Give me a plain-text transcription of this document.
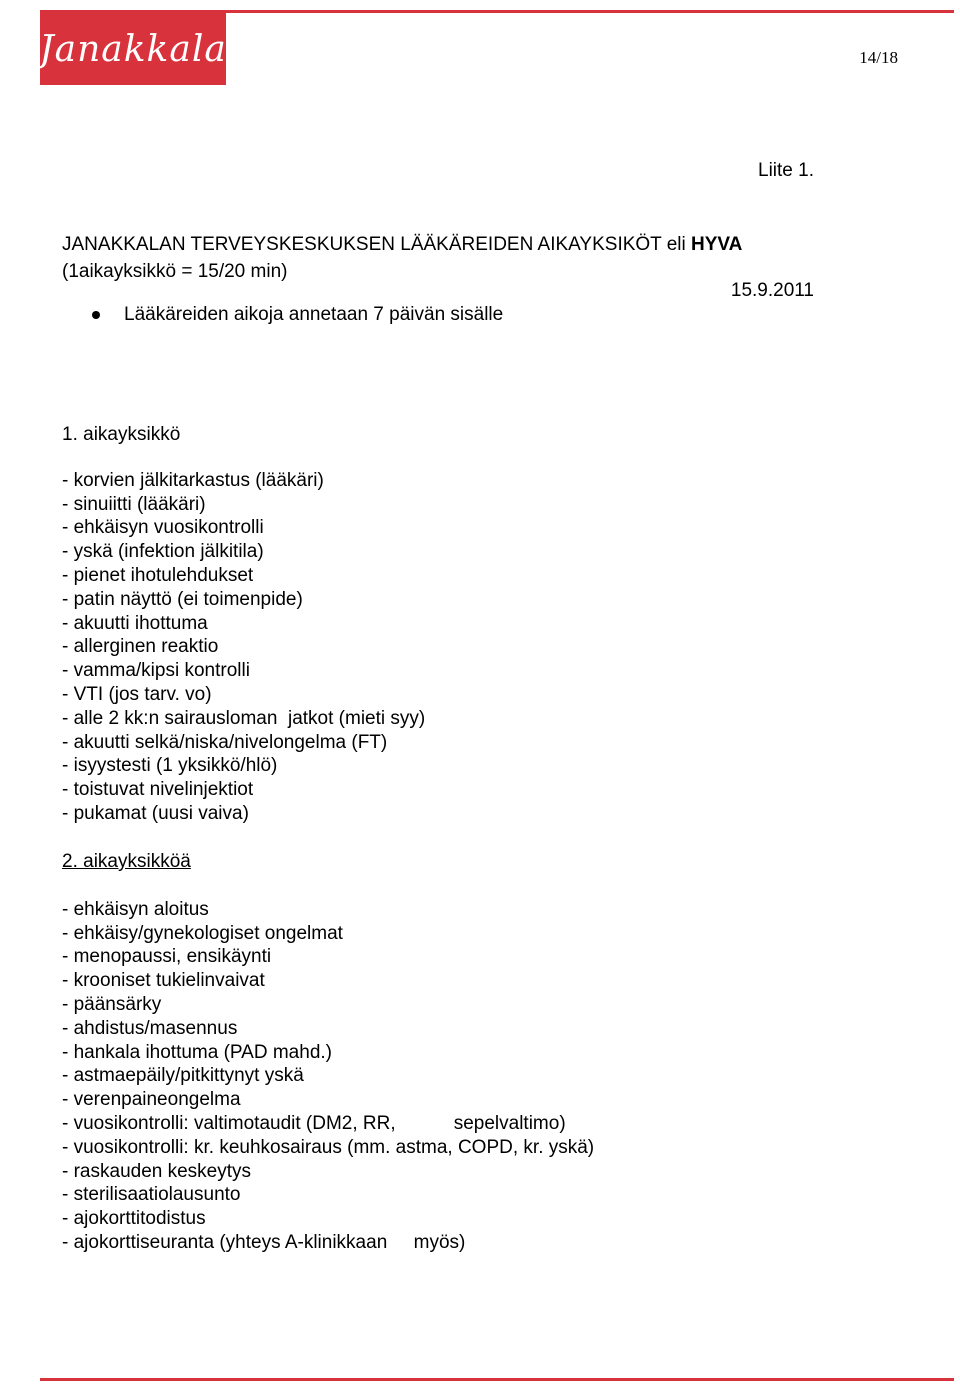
Janakkala	14/18
Liite 1.
JANAKKALAN TERVEYSKESKUKSEN LÄÄKÄREIDEN AIKAYKSIKÖT eli HYVA
(1aikayksikkö = 15/20 min)
15.9.2011
Lääkäreiden aikoja annetaan 7 päivän sisälle
1. aikayksikkö
- korvien jälkitarkastus (lääkäri)
- sinuiitti (lääkäri)
- ehkäisyn vuosikontrolli
- yskä (infektion jälkitila)
- pienet ihotulehdukset
- patin näyttö (ei toimenpide)
- akuutti ihottuma
- allerginen reaktio
- vamma/kipsi kontrolli
- VTI (jos tarv. vo)
- alle 2 kk:n sairausloman  jatkot (mieti syy)
- akuutti selkä/niska/nivelongelma (FT)
- isyystesti (1 yksikkö/hlö)
- toistuvat nivelinjektiot
- pukamat (uusi vaiva)
2. aikayksikköä
- ehkäisyn aloitus
- ehkäisy/gynekologiset ongelmat
- menopaussi, ensikäynti
- krooniset tukielinvaivat
- päänsärky
- ahdistus/masennus
- hankala ihottuma (PAD mahd.)
- astmaepäily/pitkittynyt yskä
- verenpaineongelma
- vuosikontrolli: valtimotaudit (DM2, RR,           sepelvaltimo)
- vuosikontrolli: kr. keuhkosairaus (mm. astma, COPD, kr. yskä)
- raskauden keskeytys
- sterilisaatiolausunto
- ajokorttitodistus
- ajokorttiseuranta (yhteys A-klinikkaan     myös)
